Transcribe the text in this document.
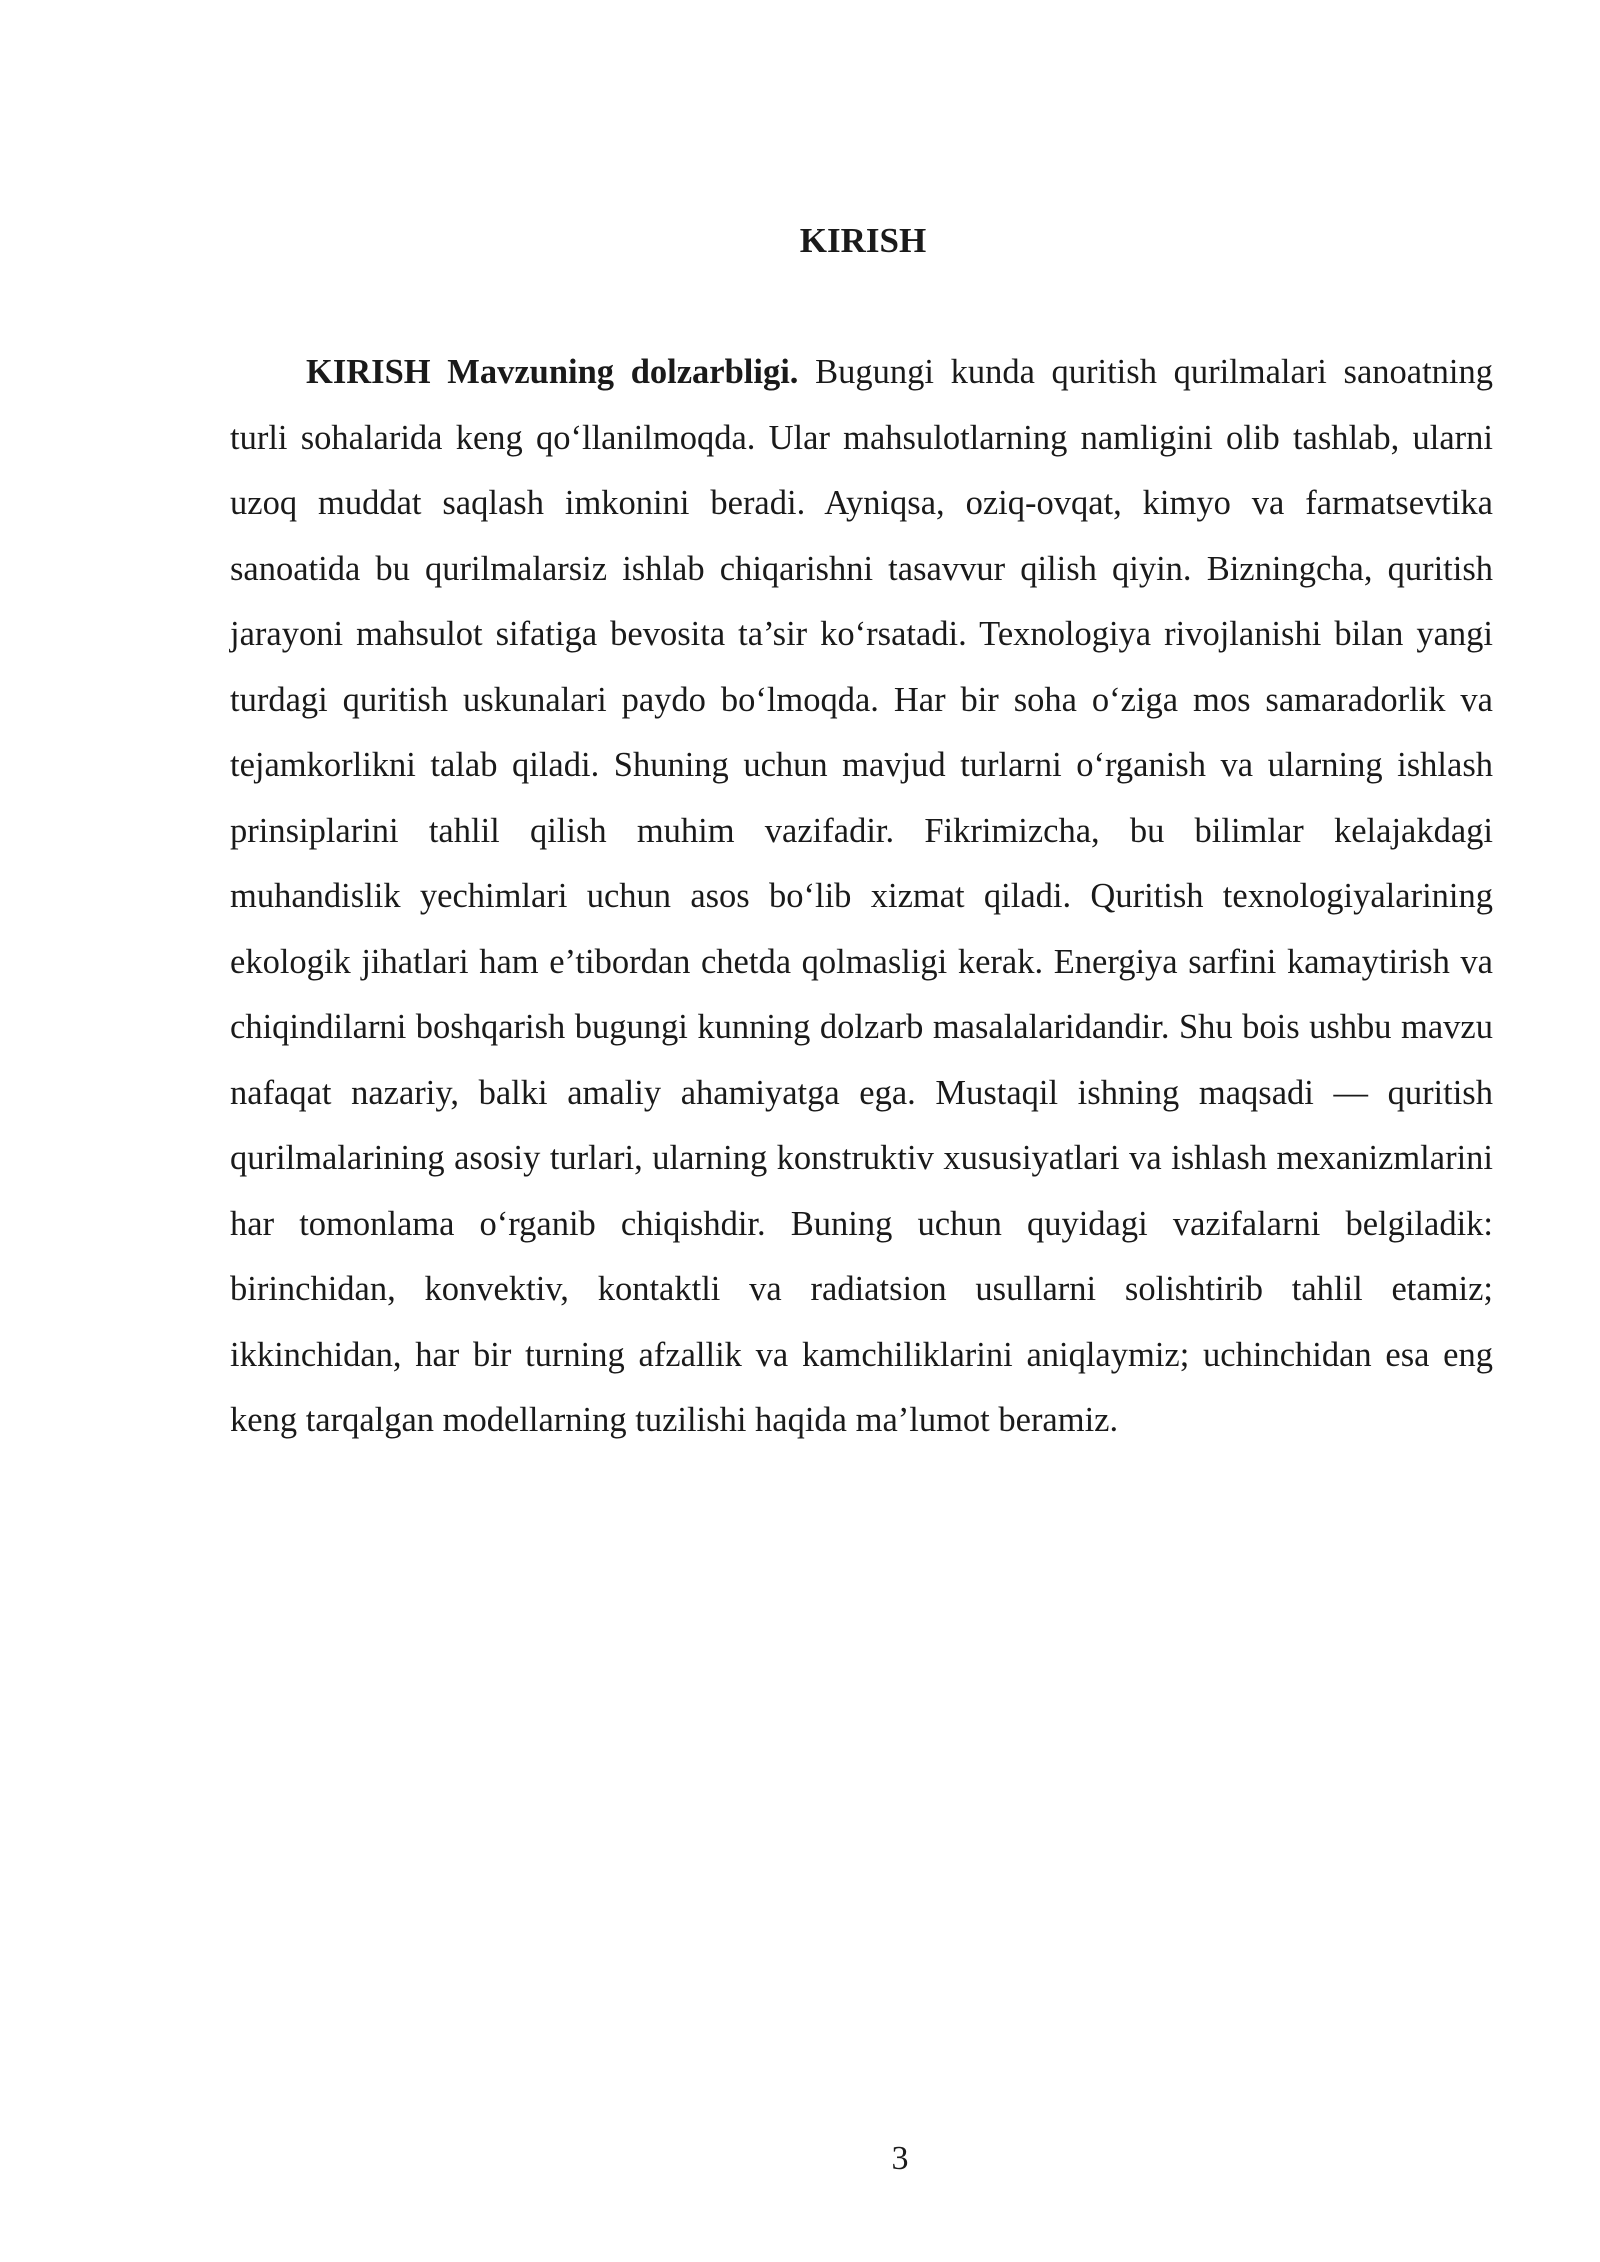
KIRISH

KIRISH Mavzuning dolzarbligi. Bugungi kunda quritish qurilmalari sanoatning turli sohalarida keng qo‘llanilmoqda. Ular mahsulotlarning namligini olib tashlab, ularni uzoq muddat saqlash imkonini beradi. Ayniqsa, oziq-ovqat, kimyo va farmatsevtika sanoatida bu qurilmalarsiz ishlab chiqarishni tasavvur qilish qiyin. Bizningcha, quritish jarayoni mahsulot sifatiga bevosita ta’sir ko‘rsatadi. Texnologiya rivojlanishi bilan yangi turdagi quritish uskunalari paydo bo‘lmoqda. Har bir soha o‘ziga mos samaradorlik va tejamkorlikni talab qiladi. Shuning uchun mavjud turlarni o‘rganish va ularning ishlash prinsiplarini tahlil qilish muhim vazifadir. Fikrimizcha, bu bilimlar kelajakdagi muhandislik yechimlari uchun asos bo‘lib xizmat qiladi. Quritish texnologiyalarining ekologik jihatlari ham e’tibordan chetda qolmasligi kerak. Energiya sarfini kamaytirish va chiqindilarni boshqarish bugungi kunning dolzarb masalalaridandir. Shu bois ushbu mavzu nafaqat nazariy, balki amaliy ahamiyatga ega. Mustaqil ishning maqsadi — quritish qurilmalarining asosiy turlari, ularning konstruktiv xususiyatlari va ishlash mexanizmlarini har tomonlama o‘rganib chiqishdir. Buning uchun quyidagi vazifalarni belgiladik: birinchidan, konvektiv, kontaktli va radiatsion usullarni solishtirib tahlil etamiz; ikkinchidan, har bir turning afzallik va kamchiliklarini aniqlaymiz; uchinchidan esa eng keng tarqalgan modellarning tuzilishi haqida ma’lumot beramiz.

3
